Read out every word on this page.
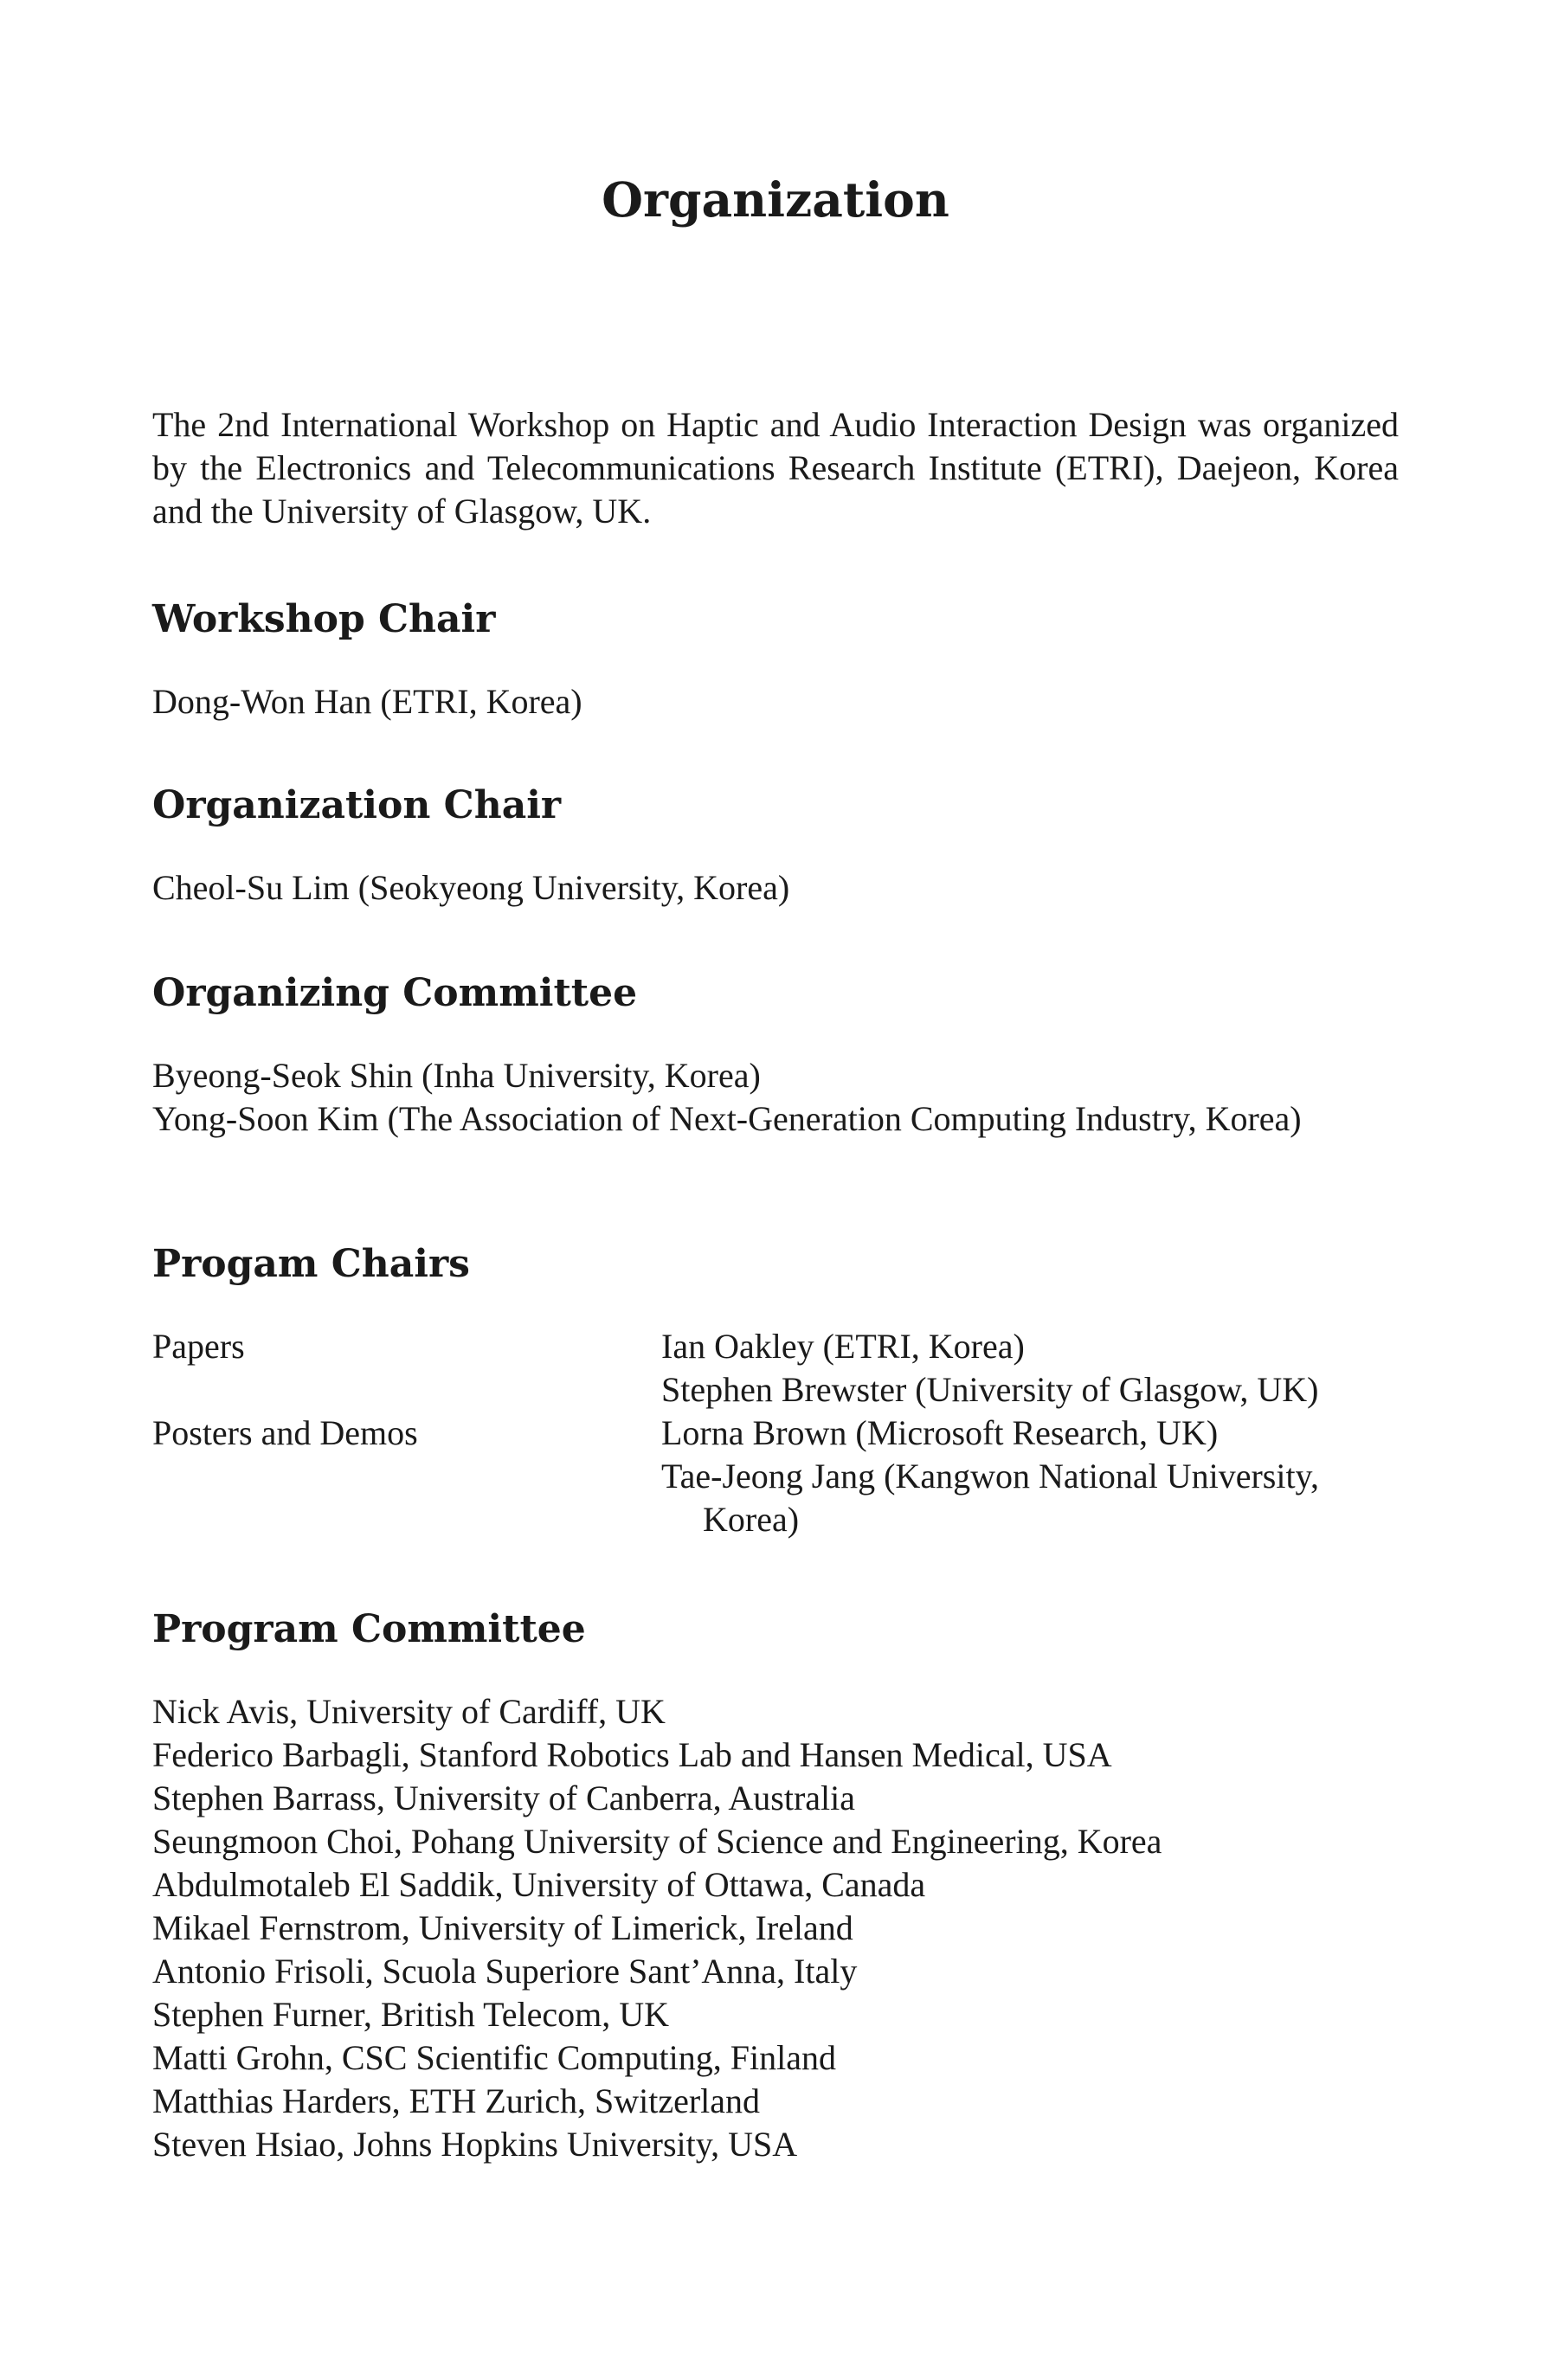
Organization

The 2nd International Workshop on Haptic and Audio Interaction Design was organized by the Electronics and Telecommunications Research Institute (ETRI), Daejeon, Korea and the University of Glasgow, UK.

Workshop Chair

Dong-Won Han (ETRI, Korea)

Organization Chair

Cheol-Su Lim (Seokyeong University, Korea)

Organizing Committee

Byeong-Seok Shin (Inha University, Korea)

Yong-Soon Kim (The Association of Next-Generation Computing Industry, Korea)

Progam Chairs
Papers	Ian Oakley (ETRI, Korea)

Stephen Brewster (University of Glasgow, UK)

Posters and Demos	Lorna Brown (Microsoft Research, UK)

Tae-Jeong Jang (Kangwon National University, Korea)

Program Committee

Nick Avis, University of Cardiff, UK

Federico Barbagli, Stanford Robotics Lab and Hansen Medical, USA

Stephen Barrass, University of Canberra, Australia

Seungmoon Choi, Pohang University of Science and Engineering, Korea

Abdulmotaleb El Saddik, University of Ottawa, Canada

Mikael Fernstrom, University of Limerick, Ireland

Antonio Frisoli, Scuola Superiore Sant’Anna, Italy

Stephen Furner, British Telecom, UK

Matti Grohn, CSC Scientific Computing, Finland

Matthias Harders, ETH Zurich, Switzerland

Steven Hsiao, Johns Hopkins University, USA
